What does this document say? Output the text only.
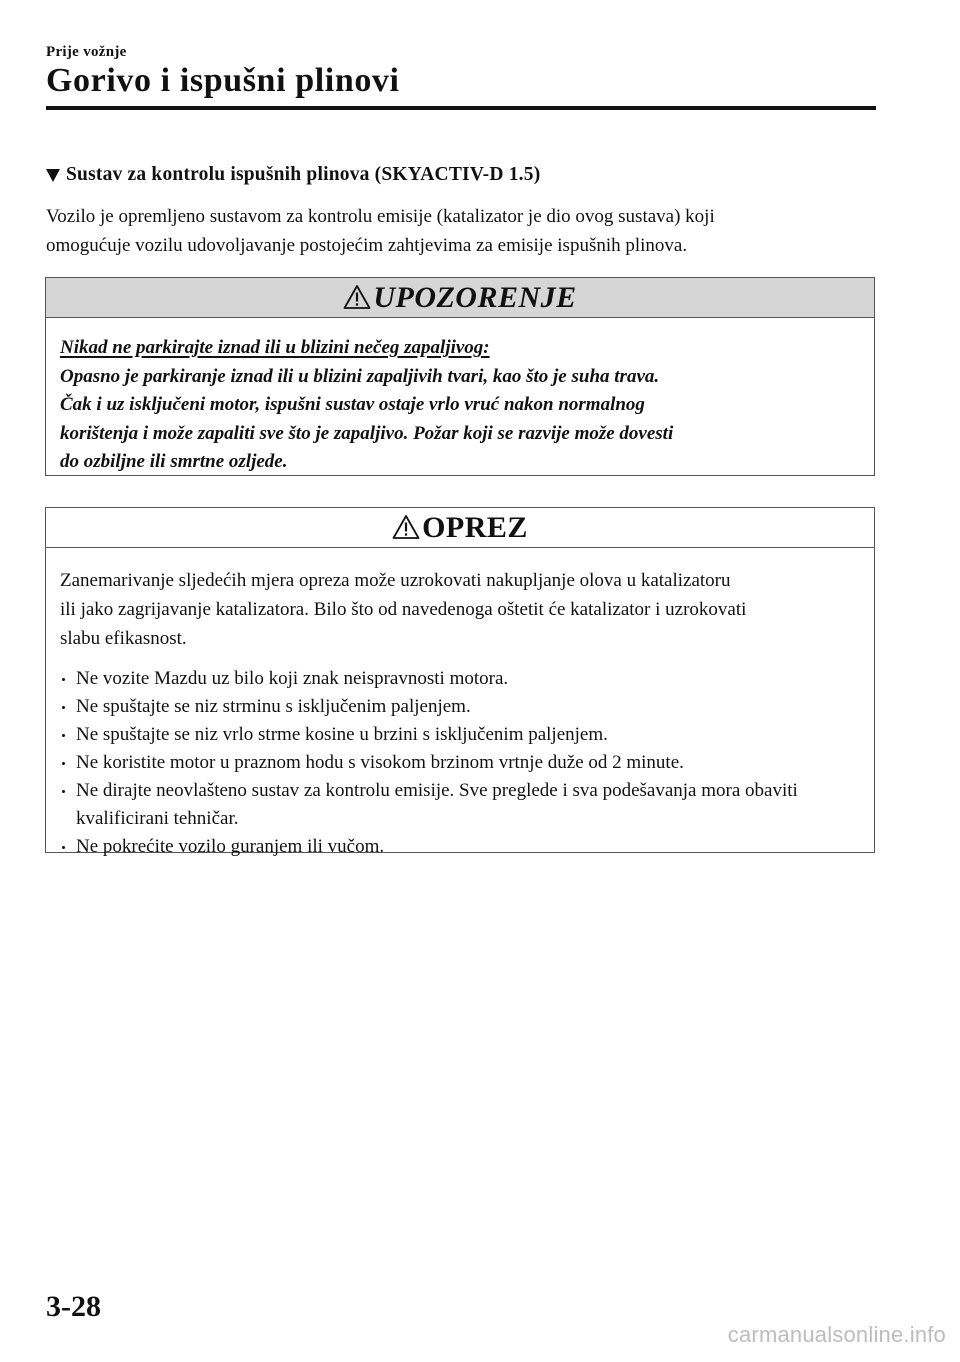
Prije vožnje
Gorivo i ispušni plinovi
Sustav za kontrolu ispušnih plinova (SKYACTIV-D 1.5)
Vozilo je opremljeno sustavom za kontrolu emisije (katalizator je dio ovog sustava) koji
omogućuje vozilu udovoljavanje postojećim zahtjevima za emisije ispušnih plinova.
UPOZORENJE
Nikad ne parkirajte iznad ili u blizini nečeg zapaljivog:
Opasno je parkiranje iznad ili u blizini zapaljivih tvari, kao što je suha trava.
Čak i uz isključeni motor, ispušni sustav ostaje vrlo vruć nakon normalnog
korištenja i može zapaliti sve što je zapaljivo. Požar koji se razvije može dovesti
do ozbiljne ili smrtne ozljede.
OPREZ
Zanemarivanje sljedećih mjera opreza može uzrokovati nakupljanje olova u katalizatoru
ili jako zagrijavanje katalizatora. Bilo što od navedenoga oštetit će katalizator i uzrokovati
slabu efikasnost.
Ne vozite Mazdu uz bilo koji znak neispravnosti motora.
Ne spuštajte se niz strminu s isključenim paljenjem.
Ne spuštajte se niz vrlo strme kosine u brzini s isključenim paljenjem.
Ne koristite motor u praznom hodu s visokom brzinom vrtnje duže od 2 minute.
Ne dirajte neovlašteno sustav za kontrolu emisije. Sve preglede i sva podešavanja mora obaviti kvalificirani tehničar.
Ne pokrećite vozilo guranjem ili vučom.
3-28
carmanualsonline.info
